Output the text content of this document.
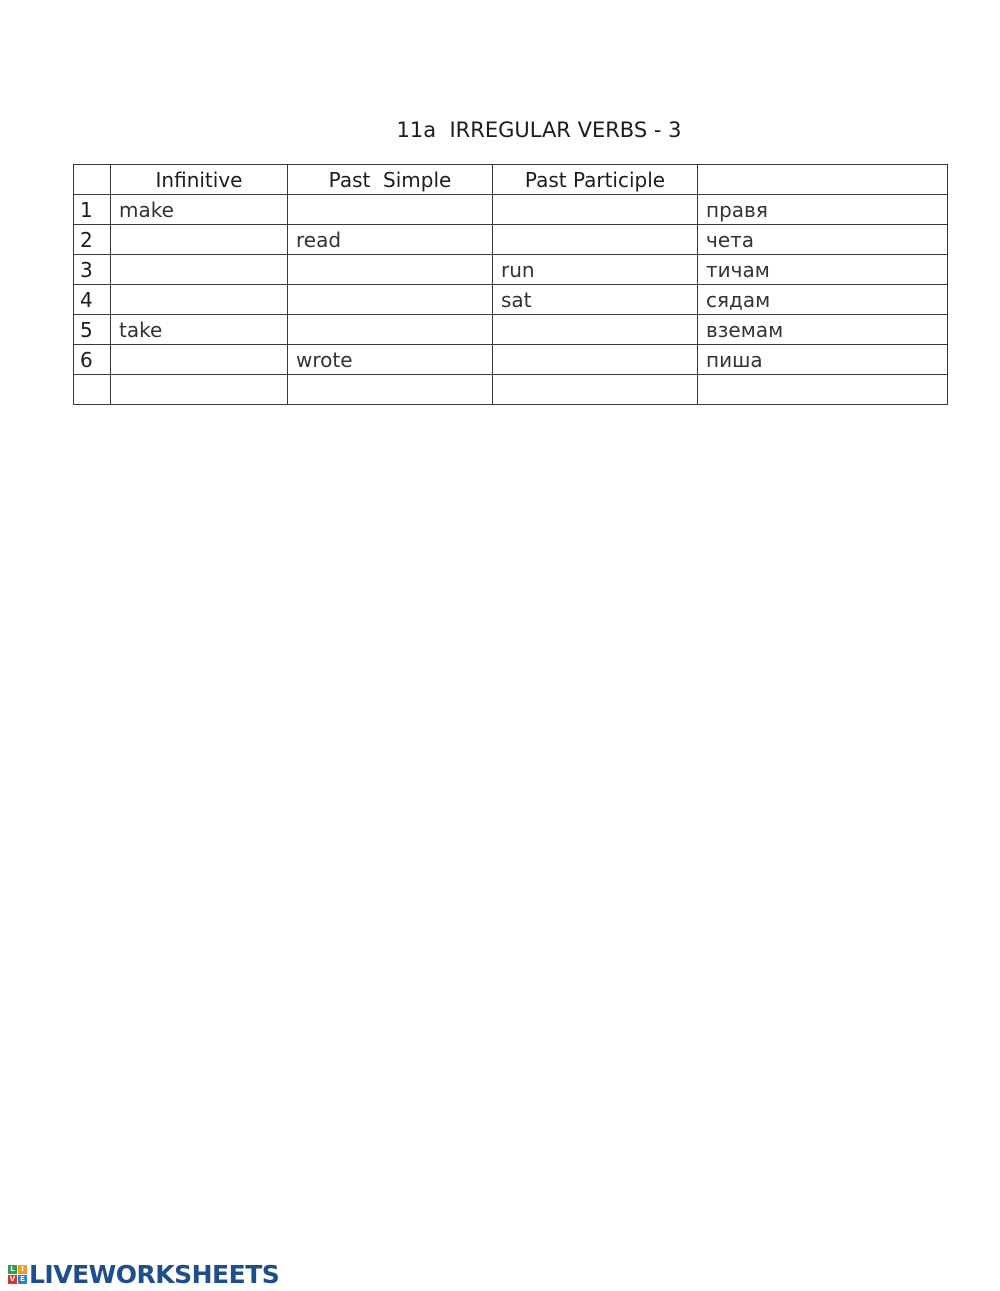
11a  IRREGULAR VERBS - 3
	Infinitive	Past  Simple	Past Participle	
1	make			правя
2		read		чета
3			run	тичам
4			sat	сядам
5	take			вземам
6		wrote		пиша

L I
V E LIVEWORKSHEETS
